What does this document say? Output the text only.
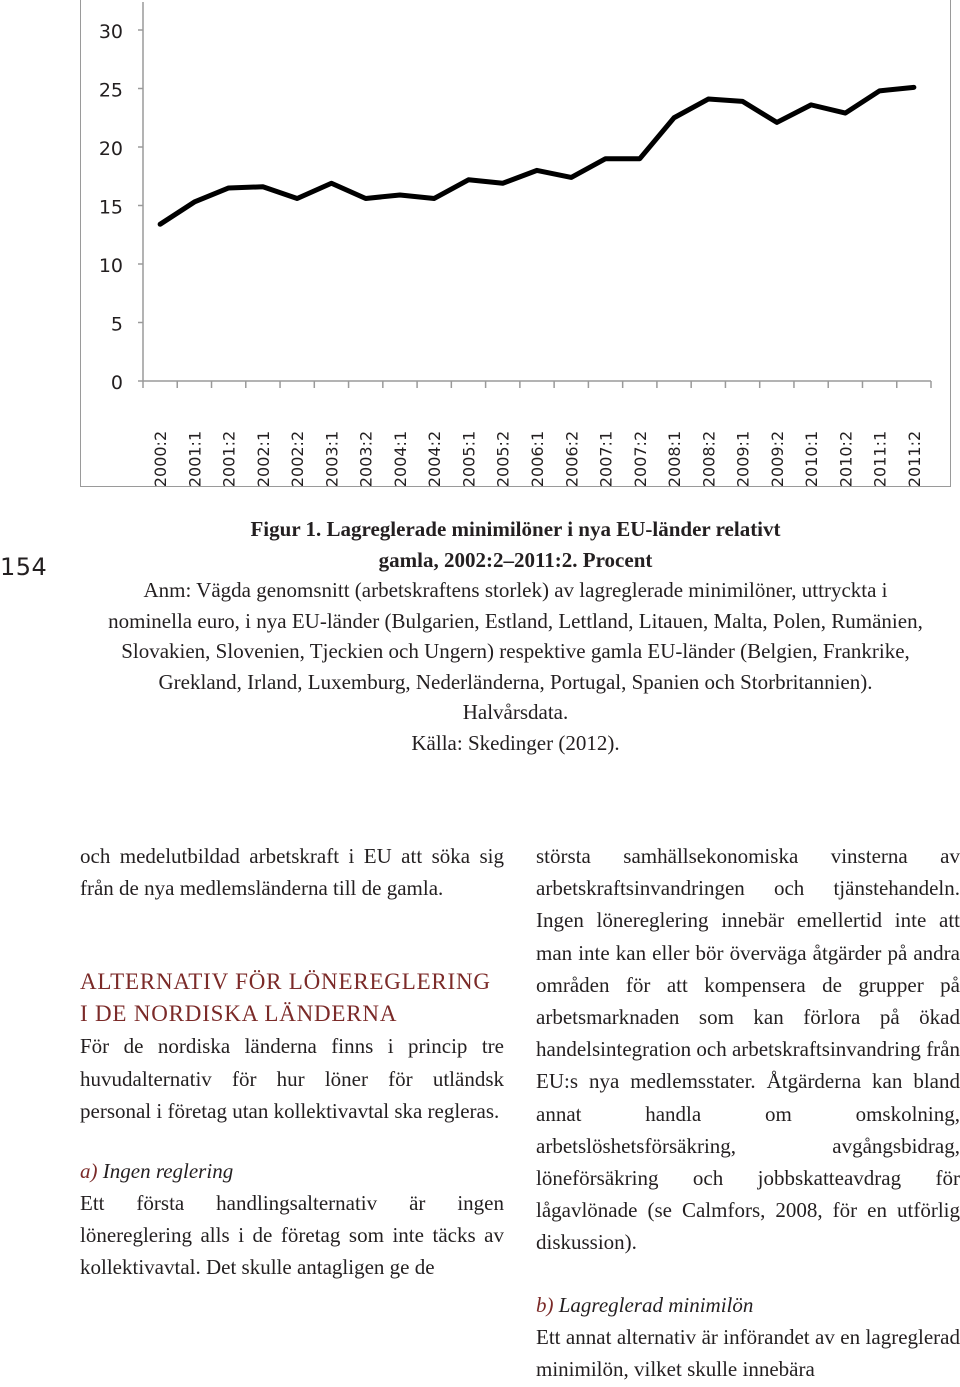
0
5
10
15
20
25
30
2000:2 2001:1 2001:2 2002:1 2002:2 2003:1 2003:2 2004:1 2004:2 2005:1 2005:2 2006:1 2006:2 2007:1 2007:2 2008:1 2008:2 2009:1 2009:2 2010:1 2010:2 2011:1 2011:2
154
Figur 1. Lagreglerade minimilöner i nya EU-länder relativt gamla, 2002:2–2011:2. Procent
Anm: Vägda genomsnitt (arbetskraftens storlek) av lagreglerade minimilöner, uttryckta i nominella euro, i nya EU-länder (Bulgarien, Estland, Lettland, Litauen, Malta, Polen, Rumänien, Slovakien, Slovenien, Tjeckien och Ungern) respektive gamla EU-länder (Belgien, Frankrike, Grekland, Irland, Luxemburg, Nederländerna, Portugal, Spanien och Storbritannien). Halvårsdata.
Källa: Skedinger (2012).

och medelutbildad arbetskraft i EU att söka sig från de nya medlemsländerna till de gamla.

ALTERNATIV FÖR LÖNEREGLERING I DE NORDISKA LÄNDERNA

För de nordiska länderna finns i princip tre huvudalternativ för hur löner för utländsk personal i företag utan kollektivavtal ska regleras.

a) Ingen reglering

Ett första handlingsalternativ är ingen lönereglering alls i de företag som inte täcks av kollektivavtal. Det skulle antagligen ge de

största samhällsekonomiska vinsterna av arbetskraftsinvandringen och tjänstehandeln. Ingen lönereglering innebär emellertid inte att man inte kan eller bör överväga åtgärder på andra områden för att kompensera de grupper på arbetsmarknaden som kan förlora på ökad handelsintegration och arbetskraftsinvandring från EU:s nya medlemsstater. Åtgärderna kan bland annat handla om omskolning, arbetslöshetsförsäkring, avgångsbidrag, löneförsäkring och jobbskatteavdrag för lågavlönade (se Calmfors, 2008, för en utförlig diskussion).

b) Lagreglerad minimilön

Ett annat alternativ är införandet av en lagreglerad minimilön, vilket skulle innebära
